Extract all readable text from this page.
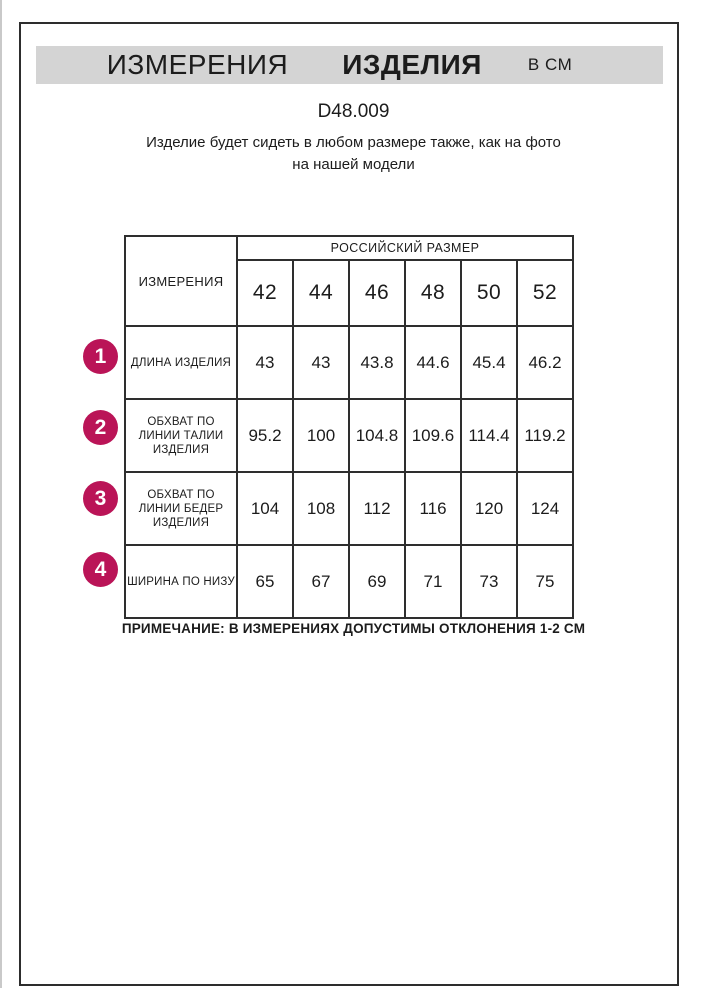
ИЗМЕРЕНИЯ ИЗДЕЛИЯ	В СМ
D48.009
Изделие будет сидеть в любом размере также, как на фото
на нашей модели
ИЗМЕРЕНИЯ	РОССИЙСКИЙ РАЗМЕР					
	42	44	46	48	50	52
ДЛИНА ИЗДЕЛИЯ	43	43	43.8	44.6	45.4	46.2
ОБХВАТ ПО ЛИНИИ ТАЛИИ ИЗДЕЛИЯ	95.2	100	104.8	109.6	114.4	119.2
ОБХВАТ ПО ЛИНИИ БЕДЕР ИЗДЕЛИЯ	104	108	112	116	120	124
ШИРИНА ПО НИЗУ	65	67	69	71	73	75
1
2
3
4
ПРИМЕЧАНИЕ: В ИЗМЕРЕНИЯХ ДОПУСТИМЫ ОТКЛОНЕНИЯ 1-2 СМ
